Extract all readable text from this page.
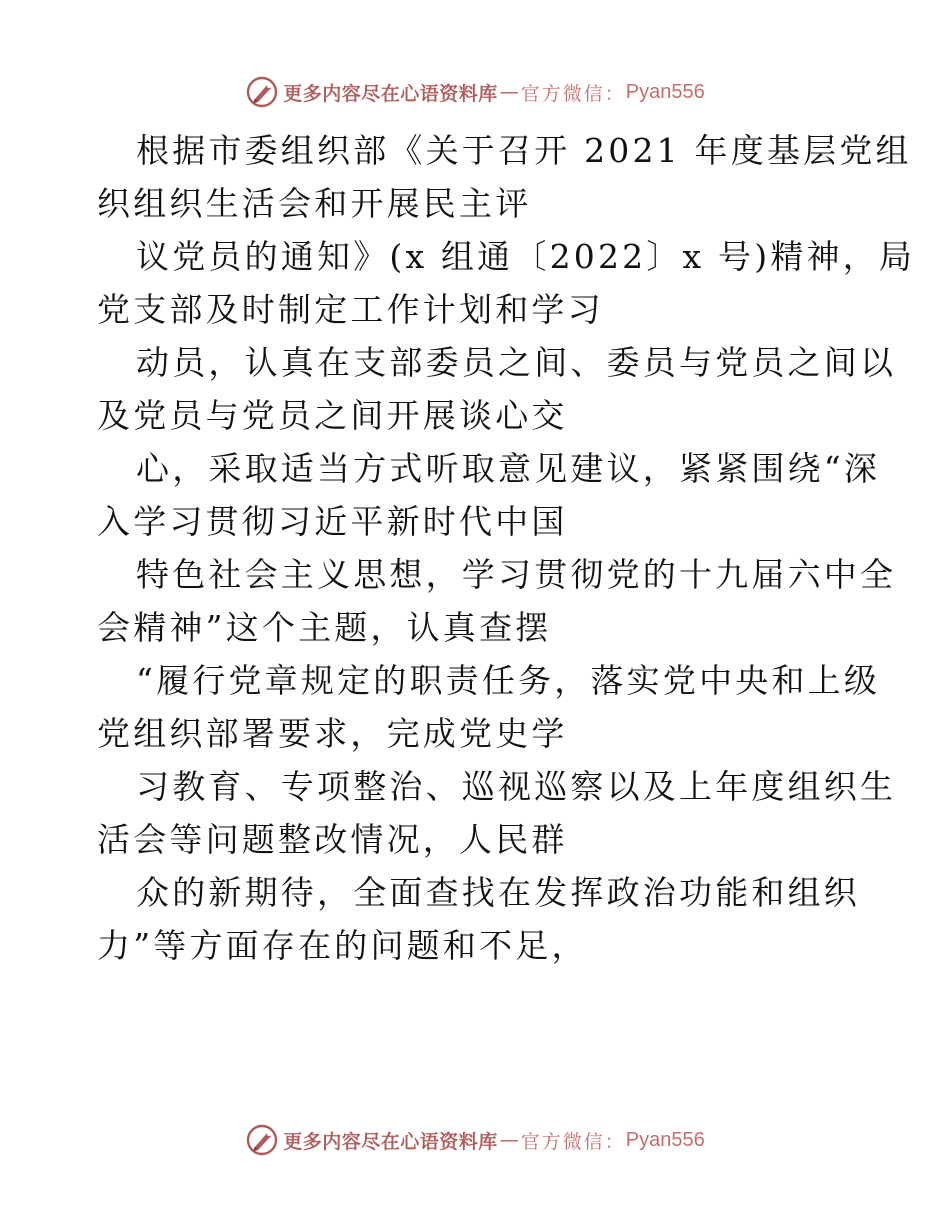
更多内容尽在心语资料库 — 官方微信： Pyan556

根据市委组织部《关于召开 2021 年度基层党组
织组织生活会和开展民主评

议党员的通知》(x 组通〔2022〕x 号)精神，局
党支部及时制定工作计划和学习

动员，认真在支部委员之间、委员与党员之间以
及党员与党员之间开展谈心交

心，采取适当方式听取意见建议，紧紧围绕“深
入学习贯彻习近平新时代中国

特色社会主义思想，学习贯彻党的十九届六中全
会精神”这个主题，认真查摆

“履行党章规定的职责任务，落实党中央和上级
党组织部署要求，完成党史学

习教育、专项整治、巡视巡察以及上年度组织生
活会等问题整改情况，人民群

众的新期待，全面查找在发挥政治功能和组织
力”等方面存在的问题和不足，

更多内容尽在心语资料库 — 官方微信： Pyan556
